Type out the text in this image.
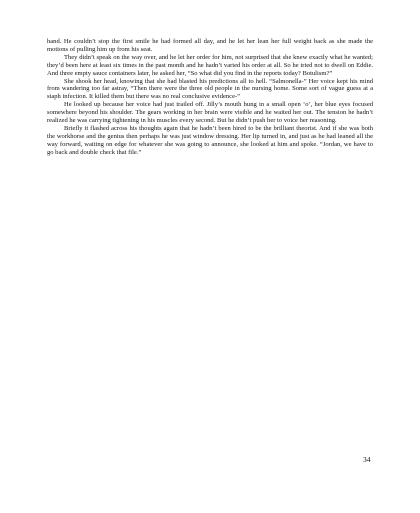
hand. He couldn’t stop the first smile he had formed all day, and he let her lean her full weight back as she made the motions of pulling him up from his seat.

They didn’t speak on the way over, and he let her order for him, not surprised that she knew exactly what he wanted; they’d been here at least six times in the past month and he hadn’t varied his order at all. So he tried not to dwell on Eddie. And three empty sauce containers later, he asked her, “So what did you find in the reports today? Botulism?”

She shook her head, knowing that she had blasted his predictions all to hell. “Salmonella-” Her voice kept his mind from wandering too far astray, “Then there were the three old people in the nursing home. Some sort of vague guess at a staph infection. It killed them but there was no real conclusive evidence-”

He looked up because her voice had just trailed off. Jilly’s mouth hung in a small open ‘o’, her blue eyes focused somewhere beyond his shoulder. The gears working in her brain were visible and he waited her out. The tension he hadn’t realized he was carrying tightening in his muscles every second. But he didn’t push her to voice her reasoning.

Briefly it flashed across his thoughts again that he hadn’t been hired to be the brilliant theorist. And if she was both the workhorse and the genius then perhaps he was just window dressing. Her lip turned in, and just as he had leaned all the way forward, waiting on edge for whatever she was going to announce, she looked at him and spoke. “Jordan, we have to go back and double check that file.”

34
